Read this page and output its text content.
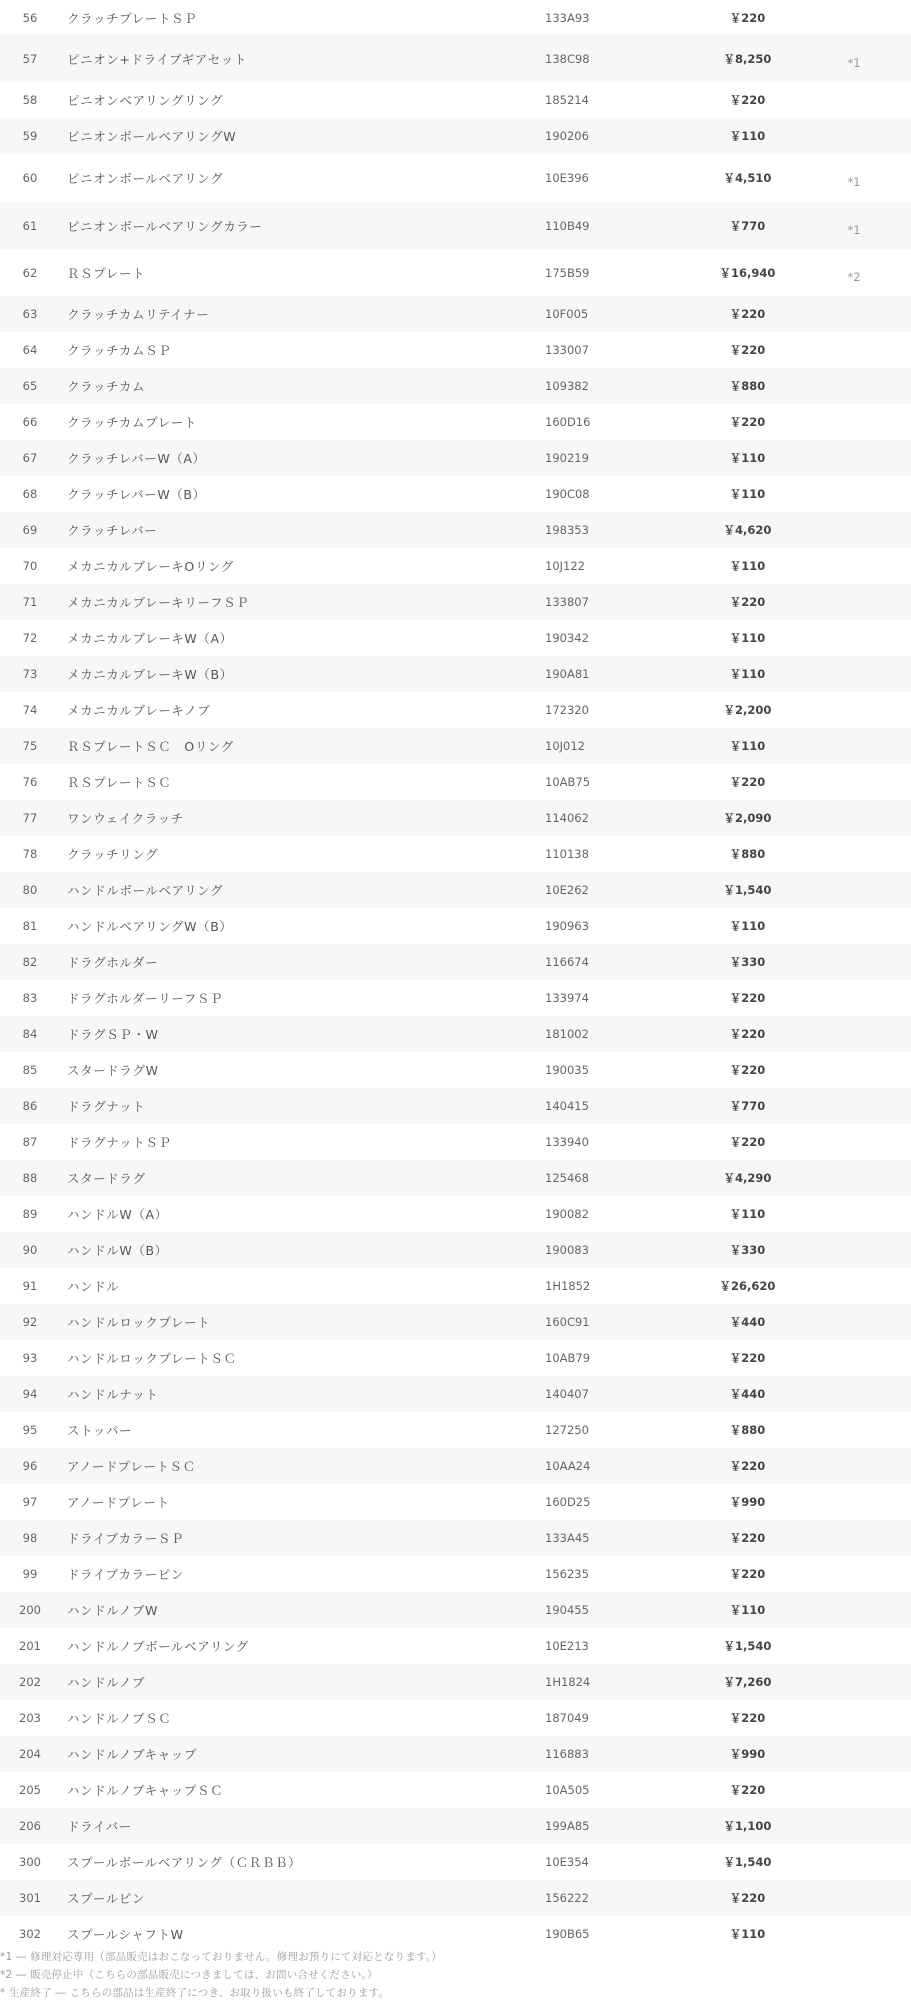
56	クラッチプレートＳＰ	133A93	￥220	
57	ピニオン+ドライブギアセット	138C98	￥8,250	*1
58	ピニオンベアリングリング	185214	￥220	
59	ピニオンボールベアリングW	190206	￥110	
60	ピニオンボールベアリング	10E396	￥4,510	*1
61	ピニオンボールベアリングカラー	110B49	￥770	*1
62	ＲＳプレート	175B59	￥16,940	*2
63	クラッチカムリテイナー	10F005	￥220	
64	クラッチカムＳＰ	133007	￥220	
65	クラッチカム	109382	￥880	
66	クラッチカムプレート	160D16	￥220	
67	クラッチレバーW（A）	190219	￥110	
68	クラッチレバーW（B）	190C08	￥110	
69	クラッチレバー	198353	￥4,620	
70	メカニカルブレーキOリング	10J122	￥110	
71	メカニカルブレーキリーフＳＰ	133807	￥220	
72	メカニカルブレーキW（A）	190342	￥110	
73	メカニカルブレーキW（B）	190A81	￥110	
74	メカニカルブレーキノブ	172320	￥2,200	
75	ＲＳプレートＳＣ　Oリング	10J012	￥110	
76	ＲＳプレートＳＣ	10AB75	￥220	
77	ワンウェイクラッチ	114062	￥2,090	
78	クラッチリング	110138	￥880	
80	ハンドルボールベアリング	10E262	￥1,540	
81	ハンドルベアリングW（B）	190963	￥110	
82	ドラグホルダー	116674	￥330	
83	ドラグホルダーリーフＳＰ	133974	￥220	
84	ドラグＳＰ・W	181002	￥220	
85	スタードラグW	190035	￥220	
86	ドラグナット	140415	￥770	
87	ドラグナットＳＰ	133940	￥220	
88	スタードラグ	125468	￥4,290	
89	ハンドルW（A）	190082	￥110	
90	ハンドルW（B）	190083	￥330	
91	ハンドル	1H1852	￥26,620	
92	ハンドルロックプレート	160C91	￥440	
93	ハンドルロックプレートＳＣ	10AB79	￥220	
94	ハンドルナット	140407	￥440	
95	ストッパー	127250	￥880	
96	アノードプレートＳＣ	10AA24	￥220	
97	アノードプレート	160D25	￥990	
98	ドライブカラーＳＰ	133A45	￥220	
99	ドライブカラーピン	156235	￥220	
200	ハンドルノブW	190455	￥110	
201	ハンドルノブボールベアリング	10E213	￥1,540	
202	ハンドルノブ	1H1824	￥7,260	
203	ハンドルノブＳＣ	187049	￥220	
204	ハンドルノブキャップ	116883	￥990	
205	ハンドルノブキャップＳＣ	10A505	￥220	
206	ドライバー	199A85	￥1,100	
300	スプールボールベアリング（ＣＲＢＢ）	10E354	￥1,540	
301	スプールピン	156222	￥220	
302	スプールシャフトW	190B65	￥110	
*1 ― 修理対応専用（部品販売はおこなっておりません。修理お預りにて対応となります。）
*2 ― 販売停止中（こちらの部品販売につきましては、お問い合せください。）
* 生産終了 ― こちらの部品は生産終了につき、お取り扱いも終了しております。
